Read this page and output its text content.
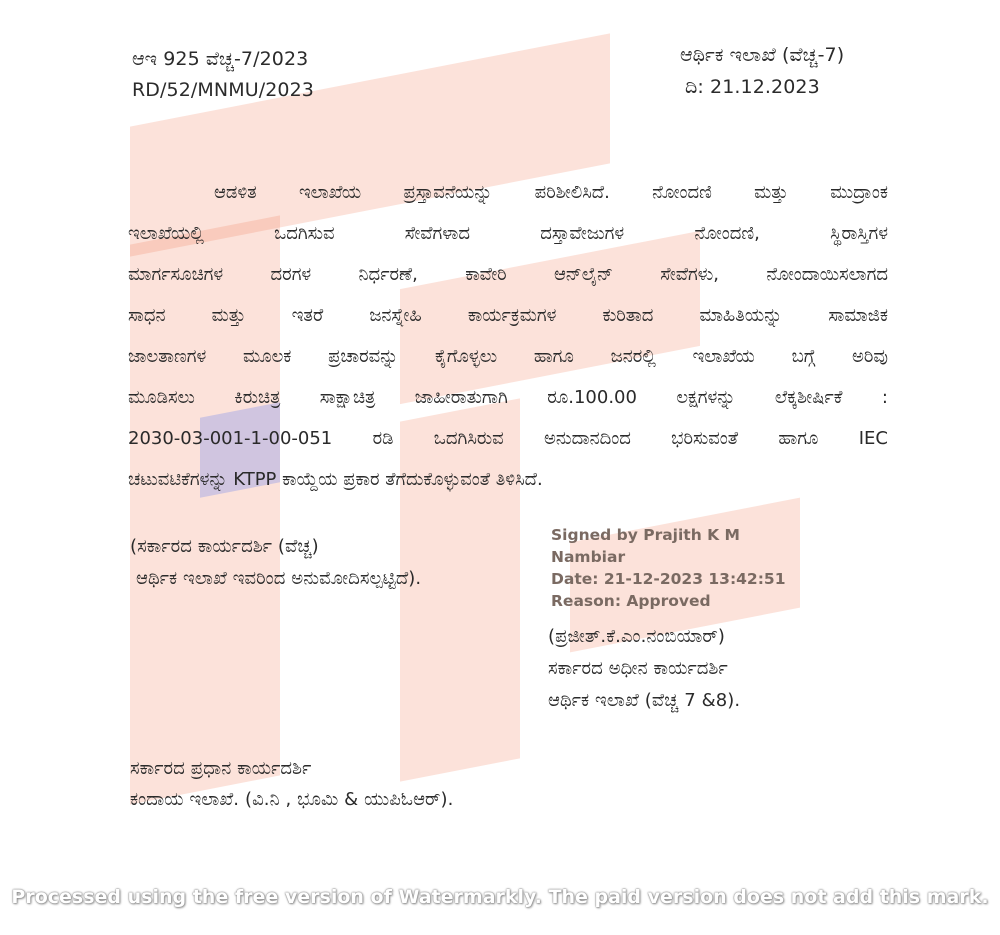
ಆಇ 925 ವೆಚ್ಚ-7/2023
RD/52/MNMU/2023
ಆರ್ಥಿಕ ಇಲಾಖೆ (ವೆಚ್ಚ-7)
ದಿ: 21.12.2023
ಆಡಳಿತ ಇಲಾಖೆಯ ಪ್ರಸ್ತಾವನೆಯನ್ನು ಪರಿಶೀಲಿಸಿದೆ. ನೋಂದಣಿ ಮತ್ತು ಮುದ್ರಾಂಕ
ಇಲಾಖೆಯಲ್ಲಿ ಒದಗಿಸುವ ಸೇವೆಗಳಾದ ದಸ್ತಾವೇಜುಗಳ ನೋಂದಣಿ, ಸ್ಥಿರಾಸ್ತಿಗಳ
ಮಾರ್ಗಸೂಚಿಗಳ ದರಗಳ ನಿರ್ಧರಣೆ, ಕಾವೇರಿ ಆನ್‌ಲೈನ್ ಸೇವೆಗಳು, ನೋಂದಾಯಿಸಲಾಗದ
ಸಾಧನ ಮತ್ತು ಇತರೆ ಜನಸ್ನೇಹಿ ಕಾರ್ಯಕ್ರಮಗಳ ಕುರಿತಾದ ಮಾಹಿತಿಯನ್ನು ಸಾಮಾಜಿಕ
ಜಾಲತಾಣಗಳ ಮೂಲಕ ಪ್ರಚಾರವನ್ನು ಕೈಗೊಳ್ಳಲು ಹಾಗೂ ಜನರಲ್ಲಿ ಇಲಾಖೆಯ ಬಗ್ಗೆ ಅರಿವು
ಮೂಡಿಸಲು ಕಿರುಚಿತ್ರ ಸಾಕ್ಷಾಚಿತ್ರ ಜಾಹೀರಾತುಗಾಗಿ ರೂ.100.00 ಲಕ್ಷಗಳನ್ನು ಲೆಕ್ಕಶೀರ್ಷಿಕೆ :
2030-03-001-1-00-051 ರಡಿ ಒದಗಿಸಿರುವ ಅನುದಾನದಿಂದ ಭರಿಸುವಂತೆ ಹಾಗೂ IEC
ಚಟುವಟಿಕೆಗಳನ್ನು KTPP ಕಾಯ್ದೆಯ ಪ್ರಕಾರ ತೆಗೆದುಕೊಳ್ಳುವಂತೆ ತಿಳಿಸಿದೆ.
(ಸರ್ಕಾರದ ಕಾರ್ಯದರ್ಶಿ (ವೆಚ್ಚ)
ಆರ್ಥಿಕ ಇಲಾಖೆ ಇವರಿಂದ ಅನುಮೋದಿಸಲ್ಪಟ್ಟಿದೆ).
Signed by Prajith K M
Nambiar
Date: 21-12-2023 13:42:51
Reason: Approved
(ಪ್ರಜೀತ್.ಕೆ.ಎಂ.ನಂಬಿಯಾರ್)
ಸರ್ಕಾರದ ಅಧೀನ ಕಾರ್ಯದರ್ಶಿ
ಆರ್ಥಿಕ ಇಲಾಖೆ (ವೆಚ್ಚ 7 &8).
ಸರ್ಕಾರದ ಪ್ರಧಾನ ಕಾರ್ಯದರ್ಶಿ
ಕಂದಾಯ ಇಲಾಖೆ. (ವಿ.ನಿ , ಭೂಮಿ & ಯುಪಿಓಆರ್).
Processed using the free version of Watermarkly. The paid version does not add this mark.
